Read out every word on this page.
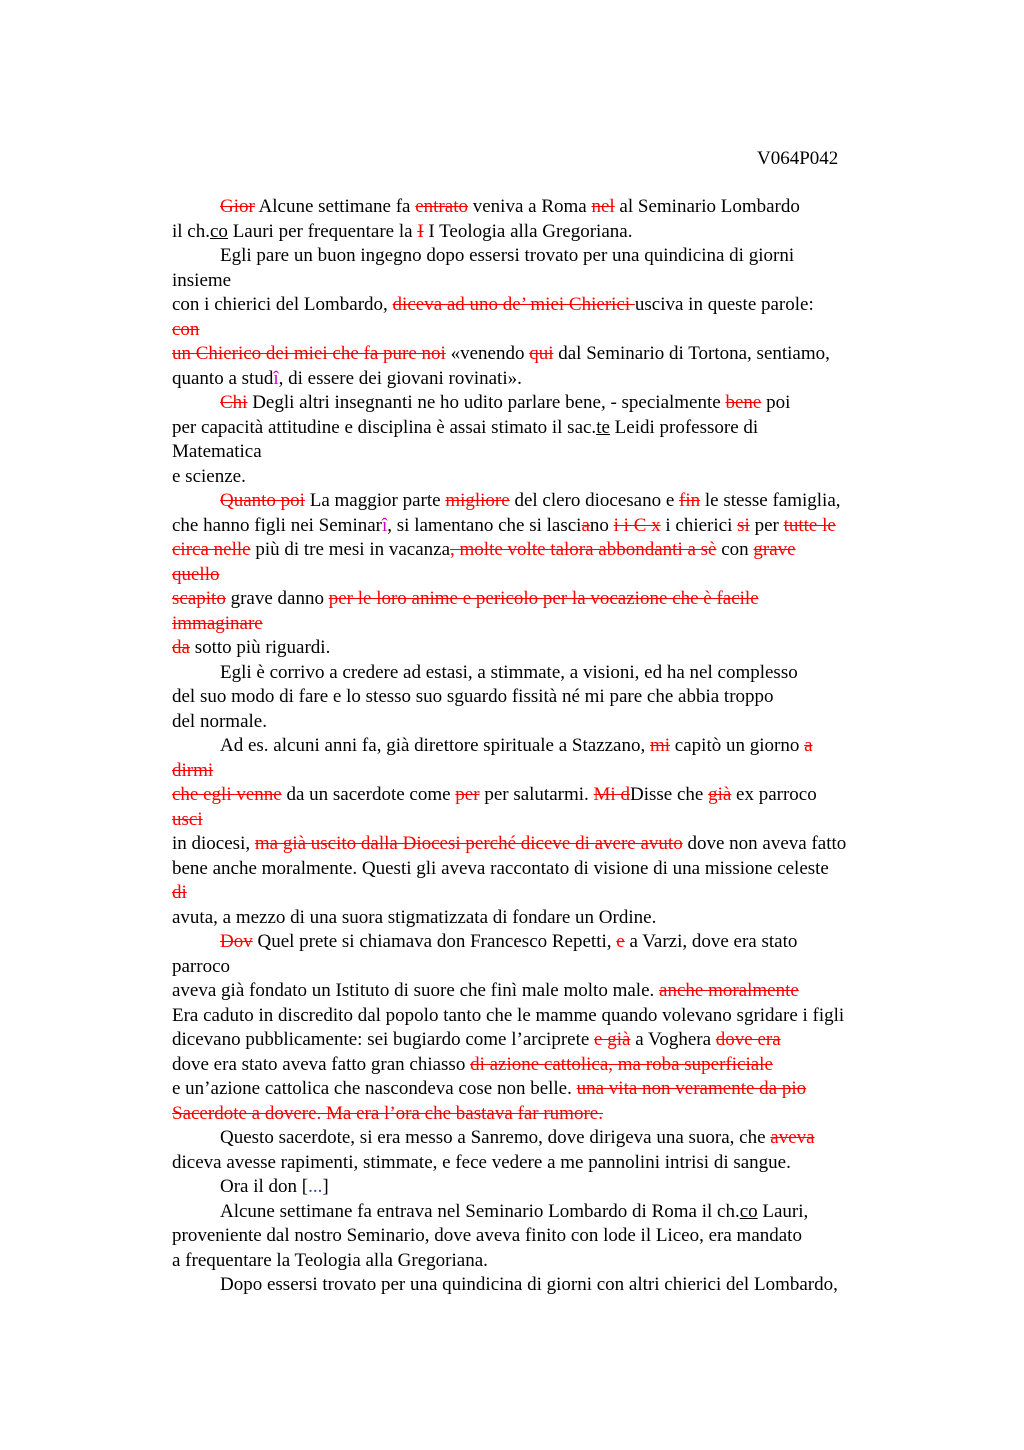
V064P042
Gior Alcune settimane fa entrato veniva a Roma nel al Seminario Lombardo
il ch.co Lauri per frequentare la I I Teologia alla Gregoriana.
Egli pare un buon ingegno dopo essersi trovato per una quindicina di giorni
insieme
con i chierici del Lombardo, diceva ad uno de’ miei Chierici usciva in queste parole:
con
un Chierico dei miei che fa pure noi «venendo qui dal Seminario di Tortona, sentiamo,
quanto a studî, di essere dei giovani rovinati».
Chi Degli altri insegnanti ne ho udito parlare bene, - specialmente bene poi
per capacità attitudine e disciplina è assai stimato il sac.te Leidi professore di
Matematica
e scienze.
Quanto poi La maggior parte migliore del clero diocesano e fin le stesse famiglia,
che hanno figli nei Seminarî, si lamentano che si lasciano i i C x i chierici si per tutte le
circa nelle più di tre mesi in vacanza, molte volte talora abbondanti a sè con grave
quello
scapito grave danno per le loro anime e pericolo per la vocazione che è facile
immaginare
da sotto più riguardi.
Egli è corrivo a credere ad estasi, a stimmate, a visioni, ed ha nel complesso
del suo modo di fare e lo stesso suo sguardo fissità né mi pare che abbia troppo
del normale.
Ad es. alcuni anni fa, già direttore spirituale a Stazzano, mi capitò un giorno a
dirmi
che egli venne da un sacerdote come per per salutarmi. Mi dDisse che già ex parroco
usci
in diocesi, ma già uscito dalla Diocesi perché diceve di avere avuto dove non aveva fatto
bene anche moralmente. Questi gli aveva raccontato di visione di una missione celeste
di
avuta, a mezzo di una suora stigmatizzata di fondare un Ordine.
Dov Quel prete si chiamava don Francesco Repetti, e a Varzi, dove era stato
parroco
aveva già fondato un Istituto di suore che finì male molto male. anche moralmente
Era caduto in discredito dal popolo tanto che le mamme quando volevano sgridare i figli
dicevano pubblicamente: sei bugiardo come l’arciprete e già a Voghera dove era
dove era stato aveva fatto gran chiasso di azione cattolica, ma roba superficiale
e un’azione cattolica che nascondeva cose non belle. una vita non veramente da pio
Sacerdote a dovere. Ma era l’ora che bastava far rumore.
Questo sacerdote, si era messo a Sanremo, dove dirigeva una suora, che aveva
diceva avesse rapimenti, stimmate, e fece vedere a me pannolini intrisi di sangue.
Ora il don [...]
Alcune settimane fa entrava nel Seminario Lombardo di Roma il ch.co Lauri,
proveniente dal nostro Seminario, dove aveva finito con lode il Liceo, era mandato
a frequentare la Teologia alla Gregoriana.
Dopo essersi trovato per una quindicina di giorni con altri chierici del Lombardo,
